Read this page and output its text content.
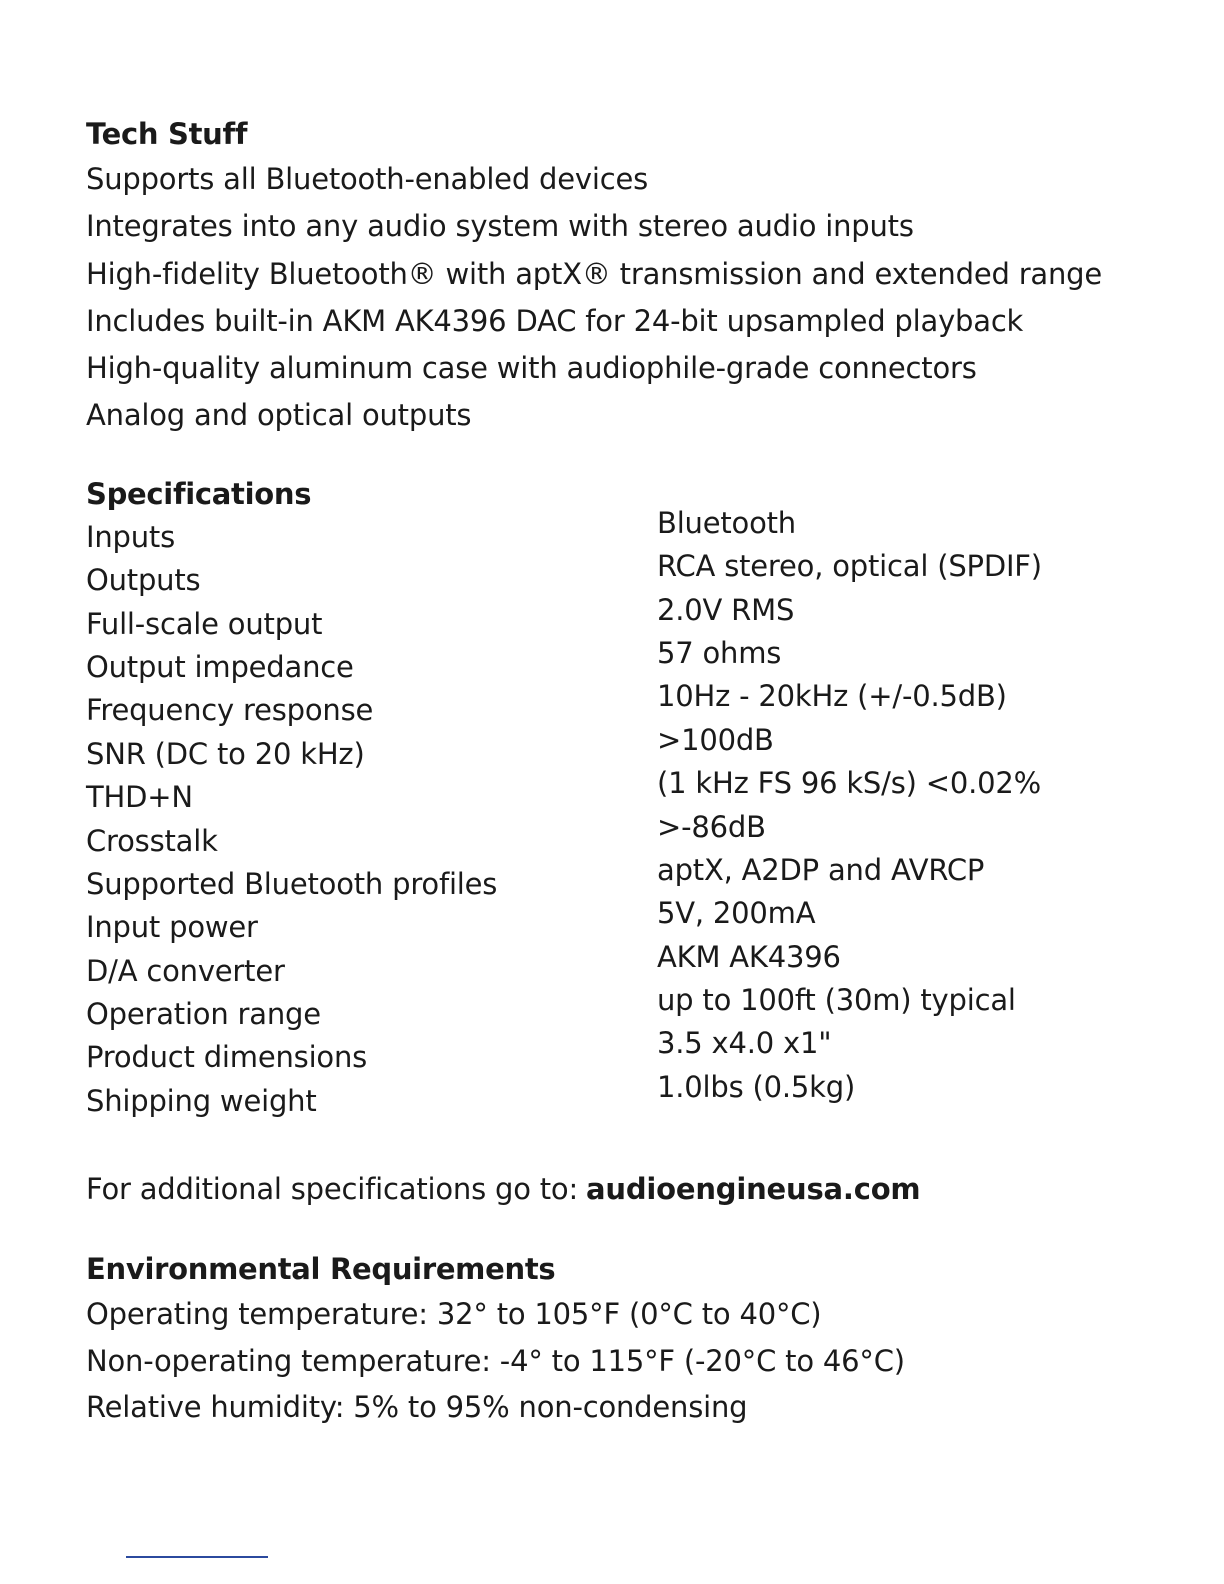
Tech Stuff

Supports all Bluetooth-enabled devices

Integrates into any audio system with stereo audio inputs

High-fidelity Bluetooth® with aptX® transmission and extended range

Includes built-in AKM AK4396 DAC for 24-bit upsampled playback

High-quality aluminum case with audiophile-grade connectors

Analog and optical outputs

Specifications
Inputs	Bluetooth
Outputs	RCA stereo, optical (SPDIF)
Full-scale output	2.0V RMS
Output impedance	57 ohms
Frequency response	10Hz - 20kHz (+/-0.5dB)
SNR (DC to 20 kHz)	>100dB
THD+N	(1 kHz FS 96 kS/s) <0.02%
Crosstalk	>-86dB
Supported Bluetooth profiles	aptX, A2DP and AVRCP
Input power	5V, 200mA
D/A converter	AKM AK4396
Operation range	up to 100ft (30m) typical
Product dimensions	3.5 x4.0 x1"
Shipping weight	1.0lbs (0.5kg)
For additional specifications go to: audioengineusa.com
Environmental Requirements
Operating temperature: 32° to 105°F (0°C to 40°C)
Non-operating temperature: -4° to 115°F (-20°C to 46°C)
Relative humidity: 5% to 95% non-condensing
